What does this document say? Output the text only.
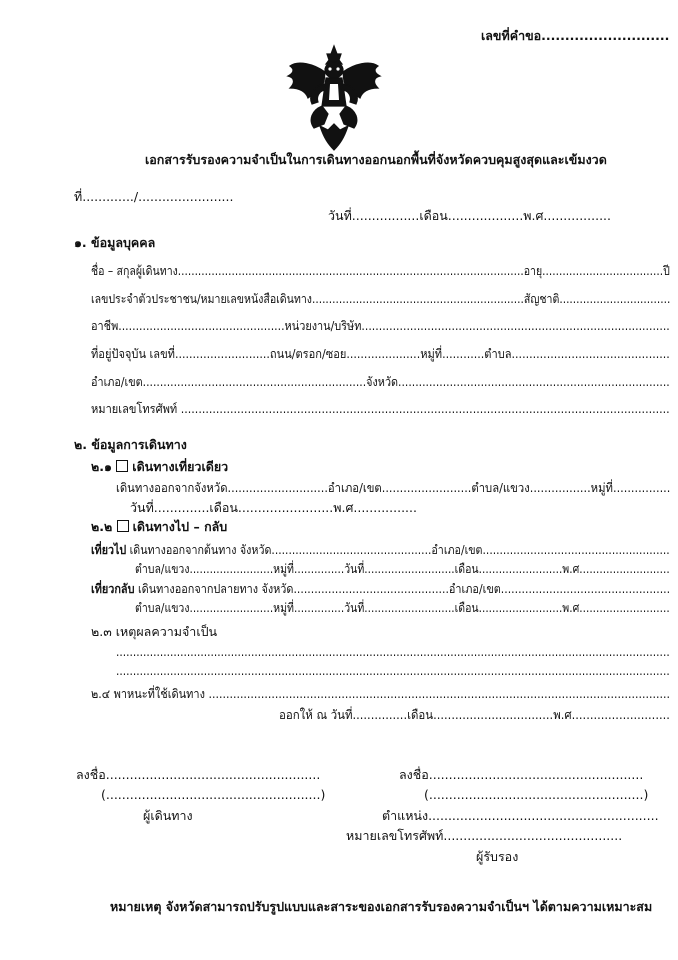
เลขที่คำขอ...........................
เอกสารรับรองความจำเป็นในการเดินทางออกนอกพื้นที่จังหวัดควบคุมสูงสุดและเข้มงวด
ที่............./........................
วันที่.................เดือน...................พ.ศ.................
๑. ข้อมูลบุคคล
ชื่อ – สกุลผู้เดินทาง.......................................................................................................อายุ....................................ปี
เลขประจำตัวประชาชน/หมายเลขหนังสือเดินทาง...............................................................สัญชาติ.................................
อาชีพ................................................หน่วยงาน/บริษัท.........................................................................................
ที่อยู่ปัจจุบัน เลขที่...........................ถนน/ตรอก/ซอย.....................หมู่ที่............ตำบล.............................................
อำเภอ/เขต.................................................................จังหวัด...............................................................................
หมายเลขโทรศัพท์ ...........................................................................................................................................
๒. ข้อมูลการเดินทาง
๒.๑ เดินทางเที่ยวเดียว
เดินทางออกจากจังหวัด............................อำเภอ/เขต.........................ตำบล/แขวง.................หมู่ที่................
วันที่..............เดือน........................พ.ศ................
๒.๒ เดินทางไป – กลับ
เที่ยวไป เดินทางออกจากต้นทาง จังหวัด...............................................อำเภอ/เขต.......................................................
ตำบล/แขวง.........................หมู่ที่...............วันที่...........................เดือน.........................พ.ศ...........................
เที่ยวกลับ เดินทางออกจากปลายทาง จังหวัด.............................................อำเภอ/เขต.................................................
ตำบล/แขวง.........................หมู่ที่...............วันที่...........................เดือน.........................พ.ศ...........................
๒.๓ เหตุผลความจำเป็น
....................................................................................................................................................................
....................................................................................................................................................................
๒.๔ พาหนะที่ใช้เดินทาง ....................................................................................................................................
ออกให้ ณ วันที่...............เดือน.................................พ.ศ...........................
ลงชื่อ......................................................
(......................................................)
ผู้เดินทาง
ลงชื่อ......................................................
(......................................................)
ตำแหน่ง..........................................................
หมายเลขโทรศัพท์.............................................
ผู้รับรอง
หมายเหตุ จังหวัดสามารถปรับรูปแบบและสาระของเอกสารรับรองความจำเป็นฯ ได้ตามความเหมาะสม
